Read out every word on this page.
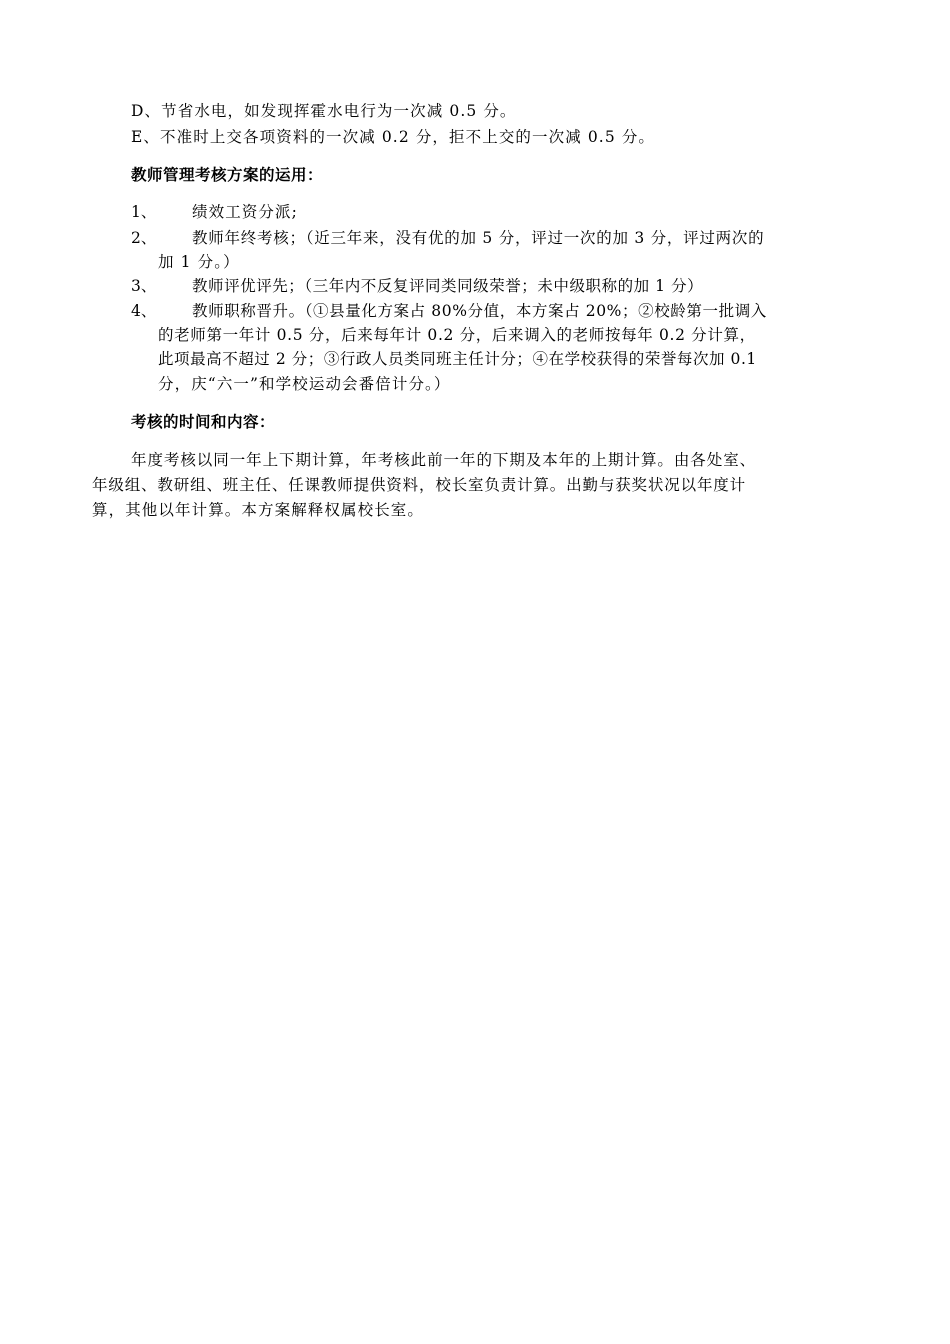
D、节省水电，如发现挥霍水电行为一次减 0.5 分。
E、不准时上交各项资料的一次减 0.2 分，拒不上交的一次减 0.5 分。
教师管理考核方案的运用：
1、 绩效工资分派;
2、 教师年终考核；（近三年来，没有优的加 5 分，评过一次的加 3 分，评过两次的
加 1 分。）
3、 教师评优评先；（三年内不反复评同类同级荣誉；未中级职称的加 1 分）
4、 教师职称晋升。（①县量化方案占 80%分值，本方案占 20%；②校龄第一批调入
的老师第一年计 0.5 分，后来每年计 0.2 分，后来调入的老师按每年 0.2 分计算，
此项最高不超过 2 分；③行政人员类同班主任计分；④在学校获得的荣誉每次加 0.1
分，庆“六一”和学校运动会番倍计分。）
考核的时间和内容：
年度考核以同一年上下期计算，年考核此前一年的下期及本年的上期计算。由各处室、
年级组、教研组、班主任、任课教师提供资料，校长室负责计算。出勤与获奖状况以年度计
算，其他以年计算。本方案解释权属校长室。
